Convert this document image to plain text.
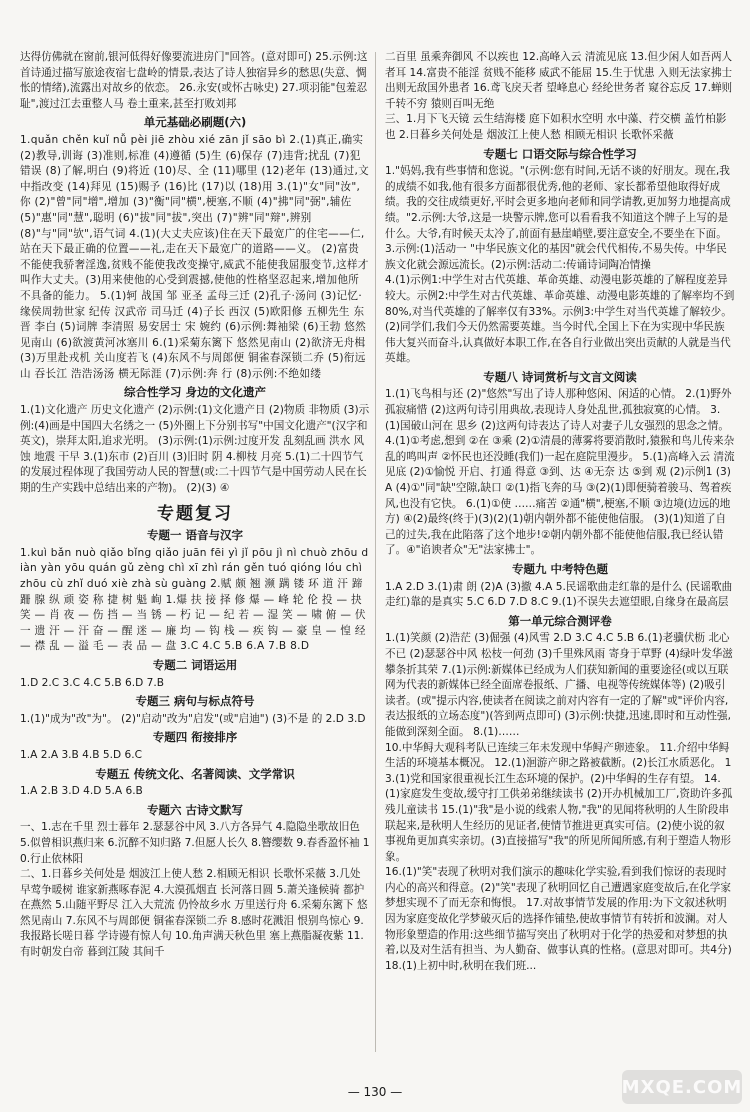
达得仿佛就在窗前,银河低得好像要流进房门"回答。(意对即可) 25.示例:这首诗通过描写旅途夜宿七盘岭的情景,表达了诗人独宿异乡的愁思(失意、惆怅的情绪),流露出对故乡的依恋。 26.永安(或怀古咏史) 27.项羽能"包羞忍耻",渡过江去重整人马 卷土重来,甚至打败刘邦

单元基础必刷题(六)

1.quǎn chěn kuǐ nǚ pèi jiē zhòu xié zān jǐ sāo bì 2.(1)真正,确实 (2)教导,训诲 (3)准则,标准 (4)遵循 (5)生 (6)保存 (7)违背;扰乱 (7)犯错误 (8)了解,明白 (9)将近 (10)尽、全 (11)哪里 (12)老年 (13)通过,文中指改变 (14)拜见 (15)赐予 (16)比 (17)以 (18)用 3.(1)"女"同"汝",你 (2)"曾"同"增",增加 (3)"衡"同"横",梗塞,不顺 (4)"拂"同"弼",辅佐 (5)"惠"同"慧",聪明 (6)"拔"同"拔",突出 (7)"辨"同"辩",辨别 (8)"与"同"欤",语气词 4.(1)(大丈夫应该)住在天下最宽广的住宅——仁,站在天下最正确的位置——礼,走在天下最宽广的道路——义。 (2)富贵不能使我骄奢淫逸,贫贱不能使我改变操守,威武不能使我屈服变节,这样才叫作大丈夫。(3)用来使他的心受到震撼,使他的性格坚忍起来,增加他所不具备的能力。 5.(1)轲 战国 邹 亚圣 孟母三迁 (2)孔子·汤问 (3)记忆·缘侯周勃世家 纪传 汉武帝 司马迁 (4)子长 西汉 (5)欧阳修 五柳先生 东晋 李白 (5)词牌 李清照 易安居士 宋 婉约 (6)示例:舞袖梁 (6)王勃 悠然见南山 (6)欲渡黄河冰塞川 6.(1)采菊东篱下 悠然见南山 (2)欲济无舟楫 (3)万里赴戎机 关山度若飞 (4)东风不与周郎便 铜雀春深锁二乔 (5)衔远山 吞长江 浩浩汤汤 横无际涯 (7)示例:奔 行 (8)示例:不绝如缕

综合性学习 身边的文化遗产

1.(1)文化遗产 历史文化遗产 (2)示例:(1)文化遗产日 (2)物质 非物质 (3)示例:(4)画是中国四大名绣之一 (5)外圈上下分别书写"中国文化遗产"(汉字和英文)，崇拜太阳,追求光明。 (3)示例:(1)示例:过度开发 乱刻乱画 洪水 风蚀 地震 干早 3.(1)东市 (2)百川 (3)旧时 阴 4.柳枝 月亮 5.(1)二十四节气的发展过程体现了我国劳动人民的智慧(或:二十四节气是中国劳动人民在长期的生产实践中总结出来的产物)。 (2)(3) ④

专题复习
专题一 语音与汉字

1.kuì bǎn nuò qiǎo bǐng qiǎo juān fēi yì jǐ pōu jì nì chuò zhōu diàn yàn yōu quán gǔ zèng chì xī zhì rán gěn tuó qióng lóu chì zhōu cù zhǐ duó xiè zhà sù guàng 2.赋 颇 翘 濒 蹒 镂 环 道 汗 蹄 跚 腺 纵 顽 姿 称 捷 树 魁 峋 1.爆 扶 接 择 修 爆 — 峰 轮 伦 投 — 抉 笑 — 肖 夜 — 伤 挡 — 当 锈 — 朽 记 — 纪 若 — 湿 笑 — 啸 俯 — 伏 一 遗 汗 — 汗 奋 — 醒 迷 — 廉 均 — 钩 栈 — 疾 钩 — 豪 皇 — 惶 经 — 襟 乱 — 溢 毛 — 表 品 — 盘 3.C 4.C 5.B 6.A 7.B 8.D

专题二 词语运用

1.D 2.C 3.C 4.C 5.B 6.D 7.B

专题三 病句与标点符号

1.(1)"成为"改"为"。 (2)"启动"改为"启发"(或"启迪") (3)不是 的 2.D 3.D

专题四 衔接排序

1.A 2.A 3.B 4.B 5.D 6.C

专题五 传统文化、名著阅读、文学常识

1.A 2.B 3.D 4.D 5.A 6.B

专题六 古诗文默写

一、1.志在千里 烈士暮年 2.瑟瑟谷中风 3.八方各异气 4.隐隐坐歌故旧色 5.似曾相识燕归来 6.沉醉不知归路 7.但愿人长久 8.簪缨数 9.春香盈怀袖 10.行止依林阳

二、1.日暮乡关何处是 烟波江上使人愁 2.相顾无相识 长歌怀采薇 3.几处早莺争暖树 谁家新燕啄春泥 4.大漠孤烟直 长河落日圆 5.萧关逢候骑 都护在燕然 5.山随平野尽 江入大荒流 仍怜故乡水 万里送行舟 6.采菊东篱下 悠然见南山 7.东风不与周郎便 铜雀春深锁二乔 8.感时花溅泪 恨别鸟惊心 9.我报路长嗟日暮 学诗谩有惊人句 10.角声满天秋色里 塞上燕脂凝夜紫 11.有时朝发白帝 暮到江陵 其间千

二百里 虽乘奔御风 不以疾也 12.高峰入云 清流见底 13.但少闲人如吾两人者耳 14.富贵不能淫 贫贱不能移 威武不能屈 15.生于忧患 入则无法家拂士 出则无敌国外患者 16.鸢飞戾天者 望峰息心 经纶世务者 窥谷忘反 17.蝉则千转不穷 猿则百叫无绝

三、1.月下飞天镜 云生结海楼 庭下如积水空明 水中藻、荇交横 盖竹柏影也 2.日暮乡关何处是 烟波江上使人愁 相顾无相识 长歌怀采薇

专题七 口语交际与综合性学习

1."妈妈,我有些事情和您说。"(示例:您有时间,无话不谈的好朋友。现在,我的成绩不如我,他有很多方面都很优秀,他的老师、家长都希望他取得好成绩。我的交往成绩更好,平时会更多地向老师和同学请教,更加努力地提高成绩。"2.示例:大爷,这是一块警示牌,您可以看看我不知道这个牌子上写的是什么。大爷,有时候天太冷了,前面有悬崖峭壁,要注意安全,不要坐在下面。 3.示例:(1)活动一 "中华民族文化的基因"就会代代相传,不易失传。中华民族文化就会源远流长。(2)示例:活动二:传诵诗词陶冶情操

4.(1)示例1:中学生对古代英雄、革命英雄、动漫电影英雄的了解程度差异较大。示例2:中学生对古代英雄、革命英雄、动漫电影英雄的了解率均不到80%,对当代英雄的了解率仅有33%。示例3:中学生对当代英雄了解较少。(2)同学们,我们今天仍然需要英雄。当今时代,全国上下在为实现中华民族伟大复兴而奋斗,认真做好本职工作,在各自行业做出突出贡献的人就是当代英雄。

专题八 诗词赏析与文言文阅读

1.(1)飞鸟相与还 (2)"悠然"写出了诗人那种悠闲、闲适的心情。 2.(1)野外 孤寂痛惜 (2)这两句诗引用典故,表现诗人身处乱世,孤独寂寞的心情。 3.(1)国破山河在 思乡 (2)这两句诗表达了诗人对妻子儿女强烈的思念之情。 4.(1)①考虑,想到 ②在 ③乘 (2)①清晨的薄雾将要消散时,猿猴和鸟儿传来杂乱的鸣叫声 ②怀民也还没睡(我们)一起在庭院里漫步。 5.(1)高峰入云 清流见底 (2)①愉悦 开启、打通 得意 ③到、达 ④无奈 达 ⑤到 观 (2)示例1 (3)A (4)①"同"缺"空隙,缺口 ②(1)指飞奔的马 ③(2)(1)即便骑着骏马、驾着疾风,也没有它快。 6.(1)①使 ……痛苦 ②通"横",梗塞,不顺 ③边境(边远的地方) ④(2)最终(终于)(3)(2)(1)朝内朝外都不能使他信服。 (3)(1)知道了自己的过失,我在此陷落了这个地步!②朝内朝外都不能使他信服,我已经认错了。④"谄谀者众"无"法家拂士"。

专题九 中考特色题

1.A 2.D 3.(1)肃 朗 (2)A (3)撤 4.A 5.民谣歌曲走红靠的是什么 (民谣歌曲走红)靠的是真实 5.C 6.D 7.D 8.C 9.(1)不误失去遮望眼,自缘身在最高层

第一单元综合测评卷

1.(1)笑颜 (2)浩茫 (3)倔强 (4)风雪 2.D 3.C 4.C 5.B 6.(1)老骥伏枥 北心不已 (2)瑟瑟谷中风 松枝一何劲 (3)千里殊风雨 寄身于草野 (4)绿叶发华滋 攀条折其荣 7.(1)示例:新媒体已经成为人们获知新闻的重要途径(或以互联网为代表的新媒体已经全面席卷报纸、广播、电视等传统媒体等) (2)吸引读者。(或"提示内容,使读者在阅读之前对内容有一定的了解"或"评价内容,表达报纸的立场态度")(答到两点即可) (3)示例:快捷,迅速,即时和互动性强,能做到深刻全面。 8.(1)……

10.中华鲟大观科考队已连续三年未发现中华鲟产卵迹象。 11.介绍中华鲟生活的环境基本概况。 12.(1)洄游产卵之路被截断。(2)长江水质恶化。 13.(1)党和国家很重视长江生态环境的保护。(2)中华鲟的生存有望。 14.(1)家庭发生变故,缓守打工供弟弟继续读书 (2)开办机械加工厂,资助许多孤残儿童读书 15.(1)"我"是小说的线索人物,"我"的见闻将秋明的人生阶段串联起来,是秋明人生经历的见证者,使情节推进更真实可信。(2)使小说的叙事视角更加真实亲切。(3)直接描写"我"的所见所闻所感,有利于塑造人物形象。

16.(1)"笑"表现了秋明对我们演示的趣味化学实验,看到我们惊讶的表现时内心的高兴和得意。(2)"笑"表现了秋明回忆自己遭遇家庭变故后,在化学家梦想实现不了而无奈和悔恨。 17.对故事情节发展的作用:为下文叙述秋明因为家庭变故化学梦破灭后的选择作铺垫,使故事情节有转折和波澜。对人物形象塑造的作用:这些细节描写突出了秋明对于化学的热爱和对梦想的执着,以及对生活有担当、为人勤奋、做事认真的性格。(意思对即可。共4分) 18.(1)上初中时,秋明在我们班...

— 130 —	MXQE.COM
